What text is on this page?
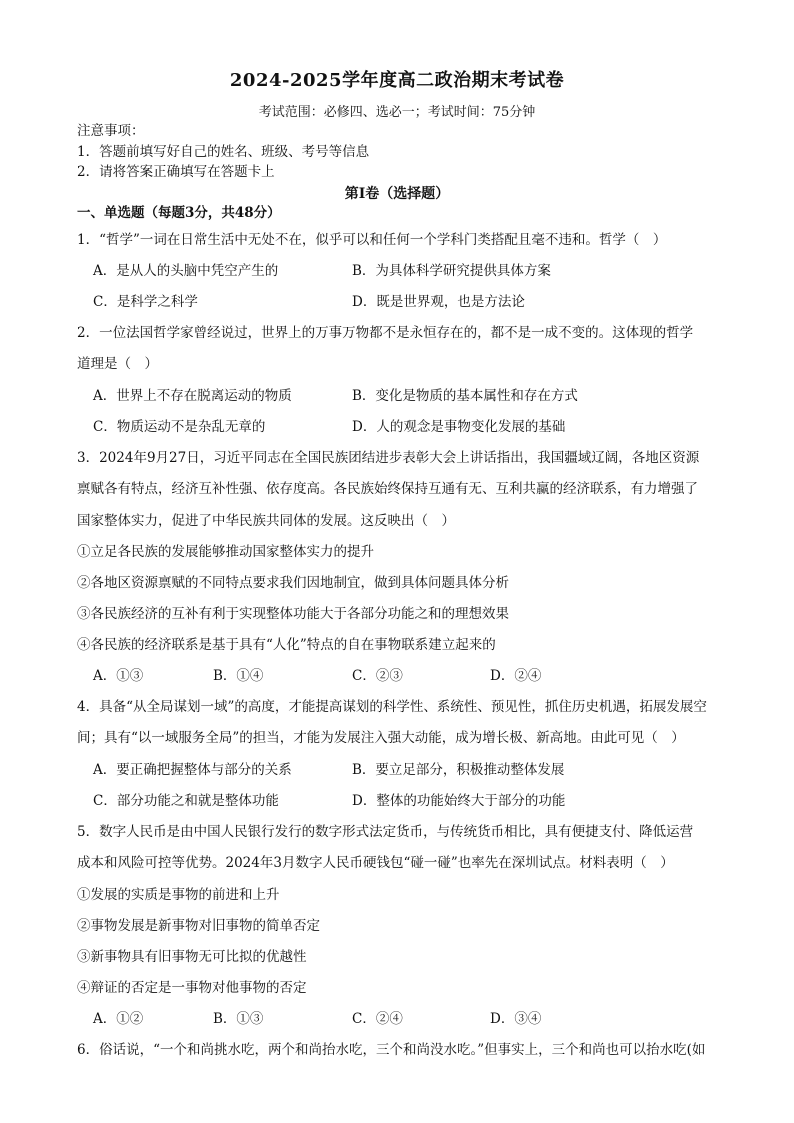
2024-2025学年度高二政治期末考试卷
考试范围：必修四、选必一；考试时间：75分钟
注意事项：
1．答题前填写好自己的姓名、班级、考号等信息
2．请将答案正确填写在答题卡上
第I卷（选择题）
一、单选题（每题3分，共48分）
1．“哲学”一词在日常生活中无处不在，似乎可以和任何一个学科门类搭配且毫不违和。哲学（　）
A．是从人的头脑中凭空产生的	B．为具体科学研究提供具体方案
C．是科学之科学	D．既是世界观，也是方法论
2．一位法国哲学家曾经说过，世界上的万事万物都不是永恒存在的，都不是一成不变的。这体现的哲学
道理是（　）
A．世界上不存在脱离运动的物质	B．变化是物质的基本属性和存在方式
C．物质运动不是杂乱无章的	D．人的观念是事物变化发展的基础
3．2024年9月27日，习近平同志在全国民族团结进步表彰大会上讲话指出，我国疆域辽阔，各地区资源
禀赋各有特点，经济互补性强、依存度高。各民族始终保持互通有无、互利共赢的经济联系，有力增强了
国家整体实力，促进了中华民族共同体的发展。这反映出（　）
①立足各民族的发展能够推动国家整体实力的提升
②各地区资源禀赋的不同特点要求我们因地制宜，做到具体问题具体分析
③各民族经济的互补有利于实现整体功能大于各部分功能之和的理想效果
④各民族的经济联系是基于具有“人化”特点的自在事物联系建立起来的
A．①③	B．①④	C．②③	D．②④
4．具备“从全局谋划一域”的高度，才能提高谋划的科学性、系统性、预见性，抓住历史机遇，拓展发展空
间；具有“以一域服务全局”的担当，才能为发展注入强大动能，成为增长极、新高地。由此可见（　）
A．要正确把握整体与部分的关系	B．要立足部分，积极推动整体发展
C．部分功能之和就是整体功能	D．整体的功能始终大于部分的功能
5．数字人民币是由中国人民银行发行的数字形式法定货币，与传统货币相比，具有便捷支付、降低运营
成本和风险可控等优势。2024年3月数字人民币硬钱包“碰一碰”也率先在深圳试点。材料表明（　）
①发展的实质是事物的前进和上升
②事物发展是新事物对旧事物的简单否定
③新事物具有旧事物无可比拟的优越性
④辩证的否定是一事物对他事物的否定
A．①②	B．①③	C．②④	D．③④
6．俗话说，“一个和尚挑水吃，两个和尚抬水吃，三个和尚没水吃。”但事实上，三个和尚也可以抬水吃(如
